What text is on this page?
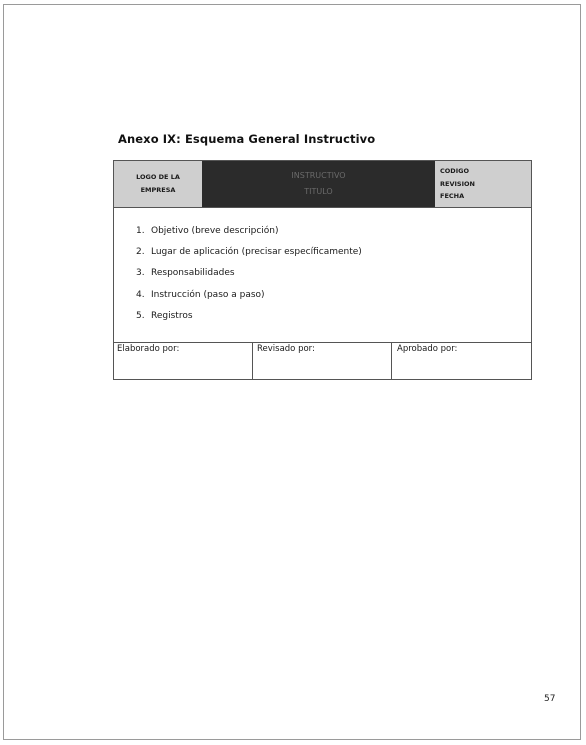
Anexo IX: Esquema General Instructivo
LOGO DE LA
EMPRESA
INSTRUCTIVO
TITULO
CODIGO
REVISION
FECHA
1. Objetivo (breve descripción)
2. Lugar de aplicación (precisar específicamente)
3. Responsabilidades
4. Instrucción (paso a paso)
5. Registros
Elaborado por:	Revisado por:	Aprobado por:
57
